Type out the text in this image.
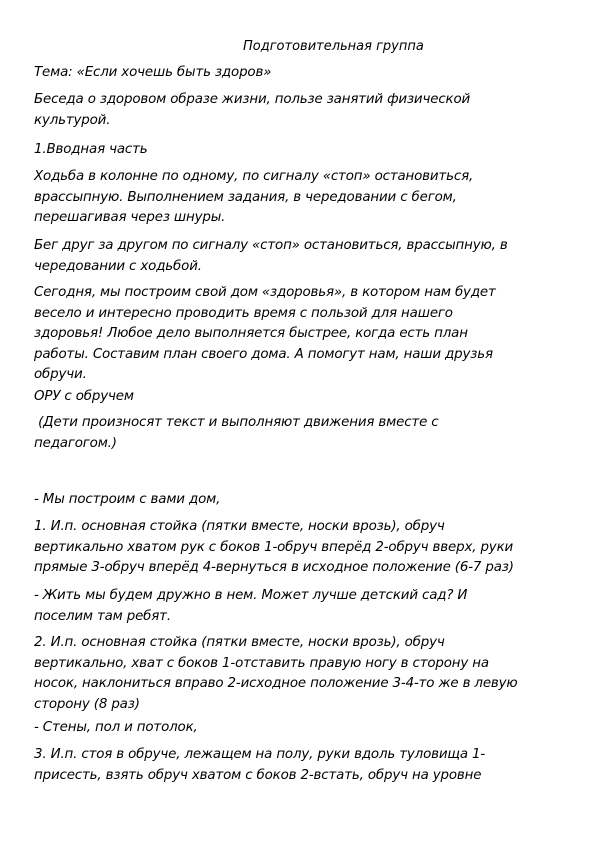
Подготовительная группа

Тема: «Если хочешь быть здоров»

Беседа о здоровом образе жизни, пользе занятий физической
культурой.

1.Вводная часть

Ходьба в колонне по одному, по сигналу «стоп» остановиться,
врассыпную. Выполнением задания, в чередовании с бегом,
перешагивая через шнуры.

Бег друг за другом по сигналу «стоп» остановиться, врассыпную, в
чередовании с ходьбой.

Сегодня, мы построим свой дом «здоровья», в котором нам будет
весело и интересно проводить время с пользой для нашего
здоровья! Любое дело выполняется быстрее, когда есть план
работы. Составим план своего дома. А помогут нам, наши друзья
обручи.

ОРУ с обручем

(Дети произносят текст и выполняют движения вместе с
педагогом.)

- Мы построим с вами дом,

1. И.п. основная стойка (пятки вместе, носки врозь), обруч
вертикально хватом рук с боков 1-обруч вперёд 2-обруч вверх, руки
прямые 3-обруч вперёд 4-вернуться в исходное положение (6-7 раз)

- Жить мы будем дружно в нем. Может лучше детский сад? И
поселим там ребят.

2. И.п. основная стойка (пятки вместе, носки врозь), обруч
вертикально, хват с боков 1-отставить правую ногу в сторону на
носок, наклониться вправо 2-исходное положение 3-4-то же в левую
сторону (8 раз)

- Стены, пол и потолок,

3. И.п. стоя в обруче, лежащем на полу, руки вдоль туловища 1-
присесть, взять обруч хватом с боков 2-встать, обруч на уровне
